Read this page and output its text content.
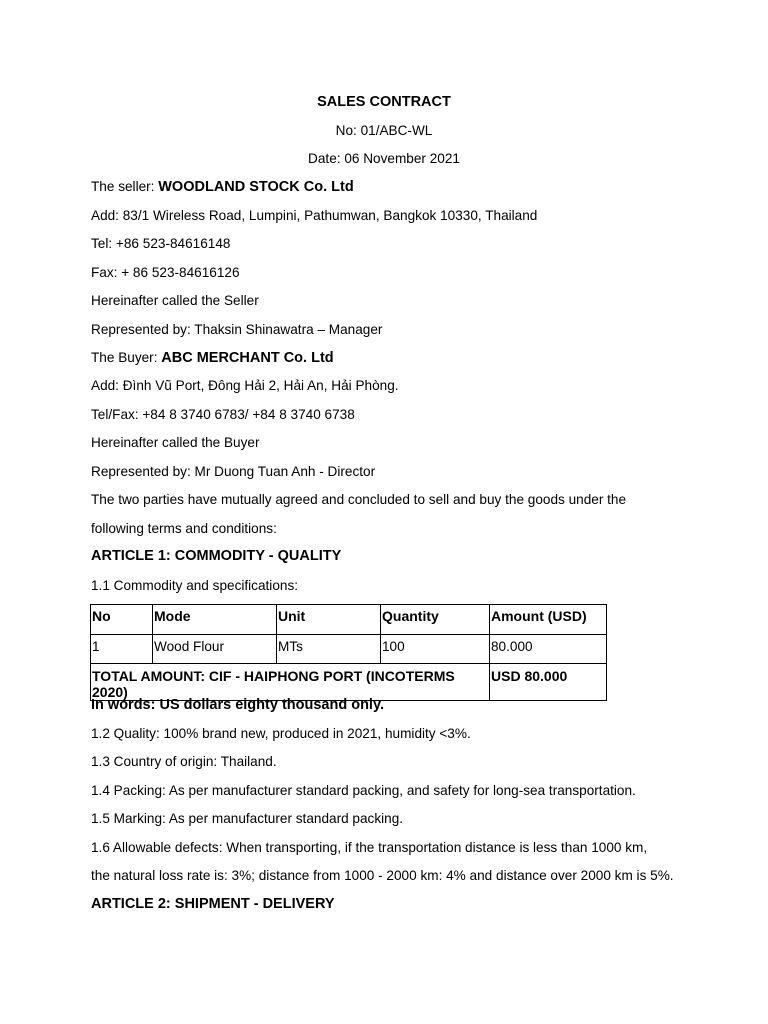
SALES CONTRACT
No: 01/ABC-WL
Date: 06 November 2021
The seller: WOODLAND STOCK Co. Ltd
Add: 83/1 Wireless Road, Lumpini, Pathumwan, Bangkok 10330, Thailand
Tel: +86 523-84616148
Fax: + 86 523-84616126
Hereinafter called the Seller
Represented by: Thaksin Shinawatra – Manager
The Buyer: ABC MERCHANT Co. Ltd
Add: Đình Vũ Port, Đông Hải 2, Hải An, Hải Phòng.
Tel/Fax: +84 8 3740 6783/ +84 8 3740 6738
Hereinafter called the Buyer
Represented by: Mr Duong Tuan Anh - Director
The two parties have mutually agreed and concluded to sell and buy the goods under the
following terms and conditions:
ARTICLE 1: COMMODITY - QUALITY
1.1 Commodity and specifications:
No	Mode	Unit	Quantity	Amount (USD)
1	Wood Flour	MTs	100	80.000
TOTAL AMOUNT: CIF - HAIPHONG PORT (INCOTERMS 2020)				USD 80.000
In words: US dollars eighty thousand only.
1.2 Quality: 100% brand new, produced in 2021, humidity <3%.
1.3 Country of origin: Thailand.
1.4 Packing: As per manufacturer standard packing, and safety for long-sea transportation.
1.5 Marking: As per manufacturer standard packing.
1.6 Allowable defects: When transporting, if the transportation distance is less than 1000 km,
the natural loss rate is: 3%; distance from 1000 - 2000 km: 4% and distance over 2000 km is 5%.
ARTICLE 2: SHIPMENT - DELIVERY
